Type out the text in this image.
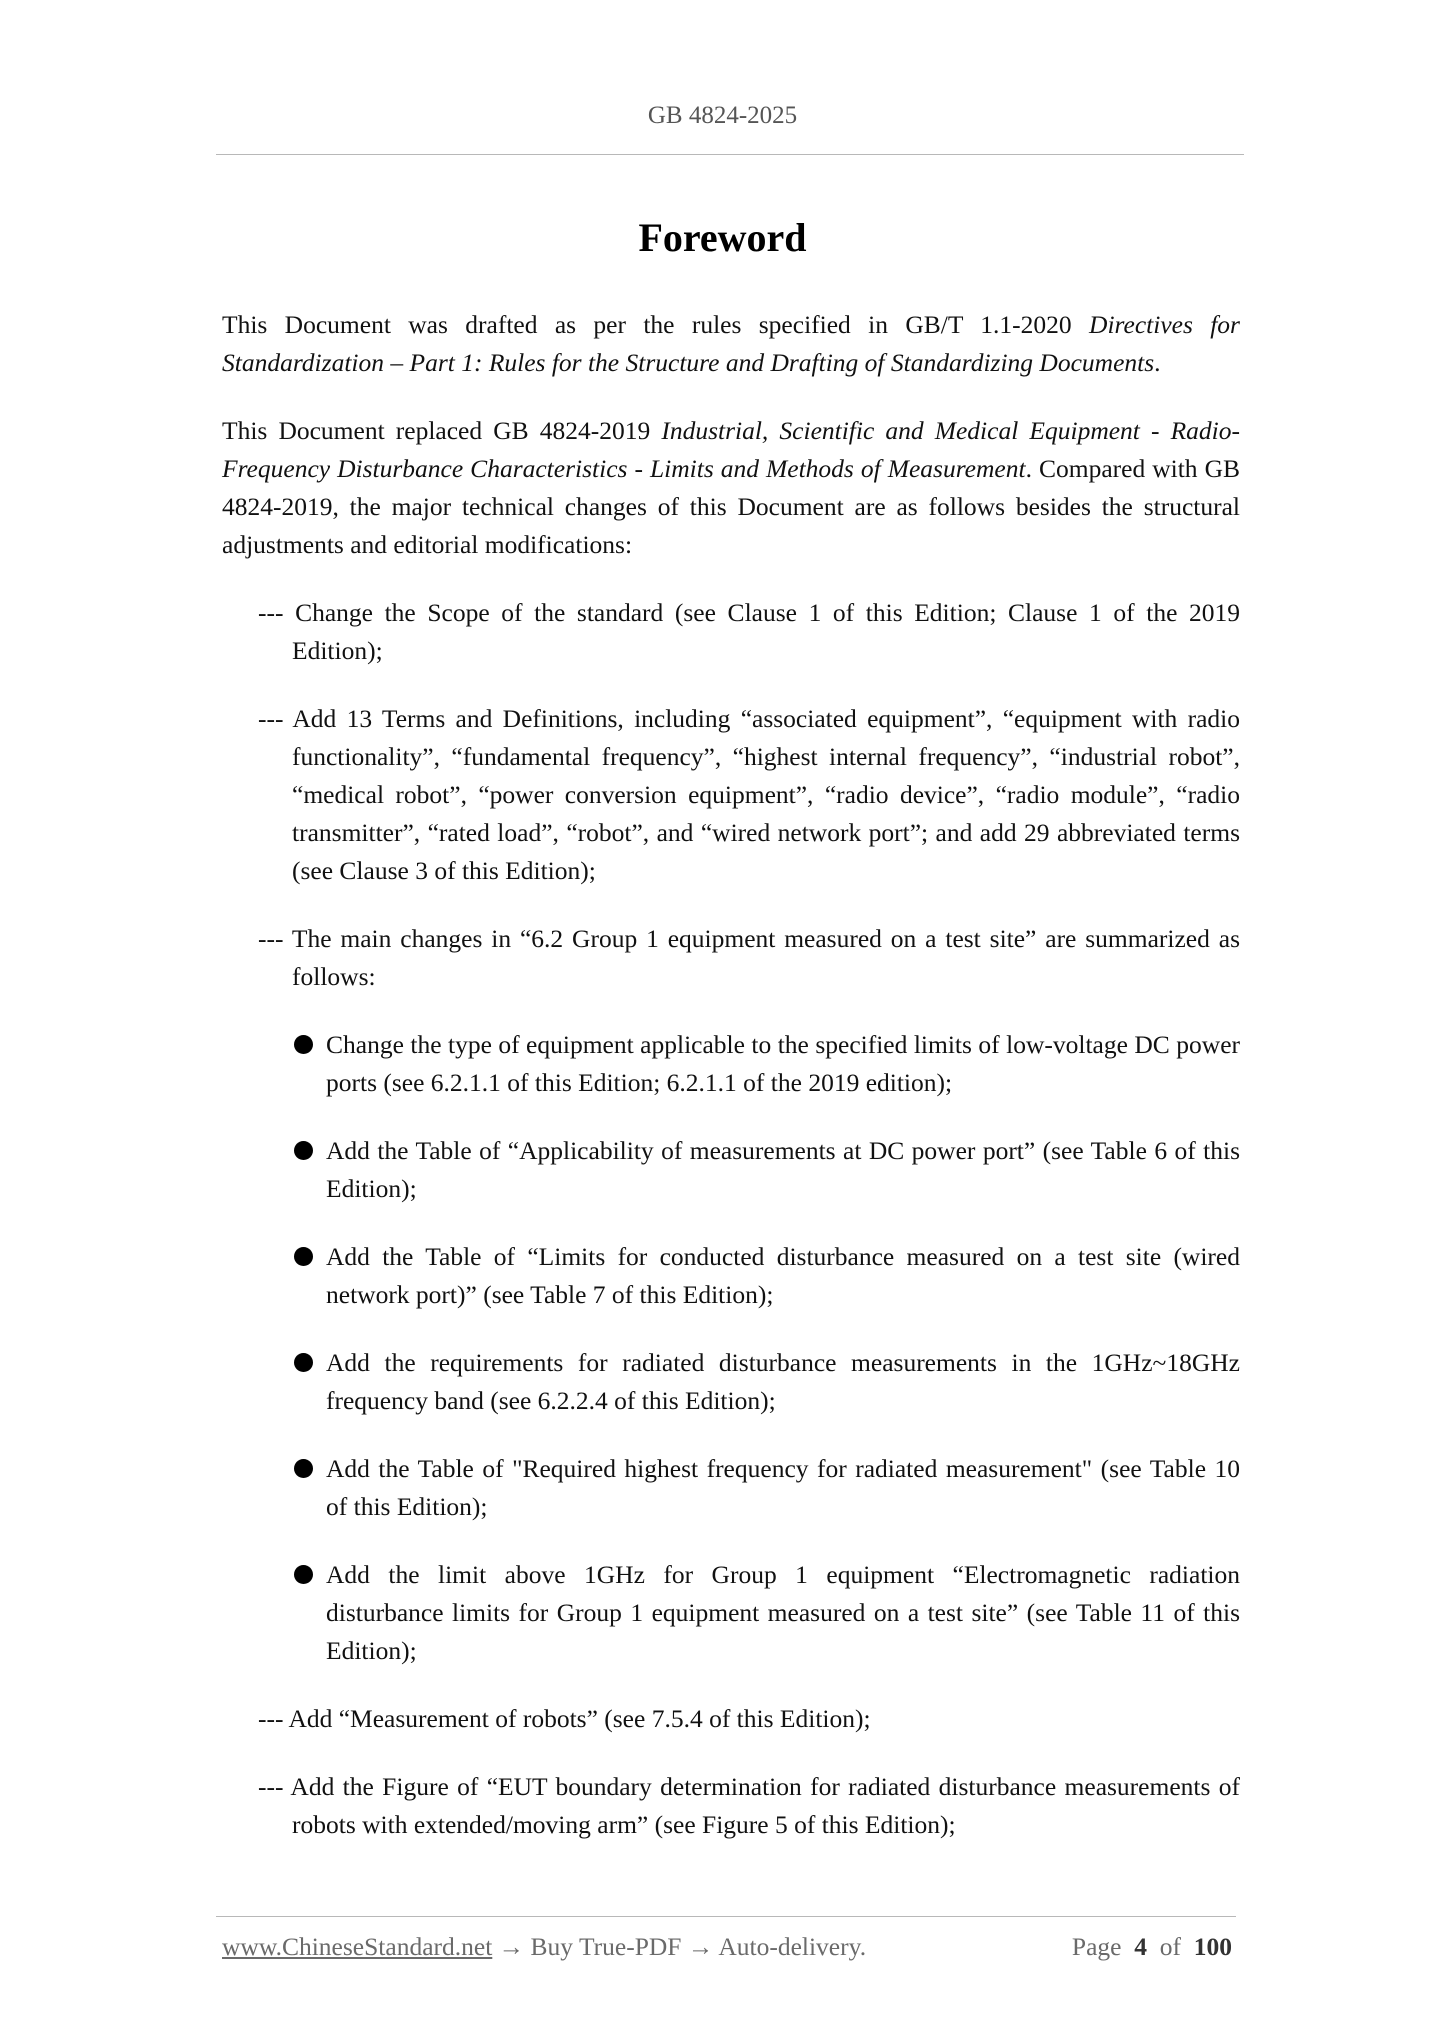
GB 4824-2025
Foreword

This Document was drafted as per the rules specified in GB/T 1.1-2020 Directives for Standardization – Part 1: Rules for the Structure and Drafting of Standardizing Documents.

This Document replaced GB 4824-2019 Industrial, Scientific and Medical Equipment - Radio-Frequency Disturbance Characteristics - Limits and Methods of Measurement. Compared with GB 4824-2019, the major technical changes of this Document are as follows besides the structural adjustments and editorial modifications:

--- Change the Scope of the standard (see Clause 1 of this Edition; Clause 1 of the 2019 Edition);

--- Add 13 Terms and Definitions, including “associated equipment”, “equipment with radio functionality”, “fundamental frequency”, “highest internal frequency”, “industrial robot”, “medical robot”, “power conversion equipment”, “radio device”, “radio module”, “radio transmitter”, “rated load”, “robot”, and “wired network port”; and add 29 abbreviated terms (see Clause 3 of this Edition);

--- The main changes in “6.2 Group 1 equipment measured on a test site” are summarized as follows:

Change the type of equipment applicable to the specified limits of low-voltage DC power ports (see 6.2.1.1 of this Edition; 6.2.1.1 of the 2019 edition);
Add the Table of “Applicability of measurements at DC power port” (see Table 6 of this Edition);
Add the Table of “Limits for conducted disturbance measured on a test site (wired network port)” (see Table 7 of this Edition);
Add the requirements for radiated disturbance measurements in the 1GHz~18GHz frequency band (see 6.2.2.4 of this Edition);
Add the Table of "Required highest frequency for radiated measurement" (see Table 10 of this Edition);
Add the limit above 1GHz for Group 1 equipment “Electromagnetic radiation disturbance limits for Group 1 equipment measured on a test site” (see Table 11 of this Edition);

--- Add “Measurement of robots” (see 7.5.4 of this Edition);

--- Add the Figure of “EUT boundary determination for radiated disturbance measurements of robots with extended/moving arm” (see Figure 5 of this Edition);

www.ChineseStandard.net → Buy True-PDF → Auto-delivery.	Page 4 of 100
